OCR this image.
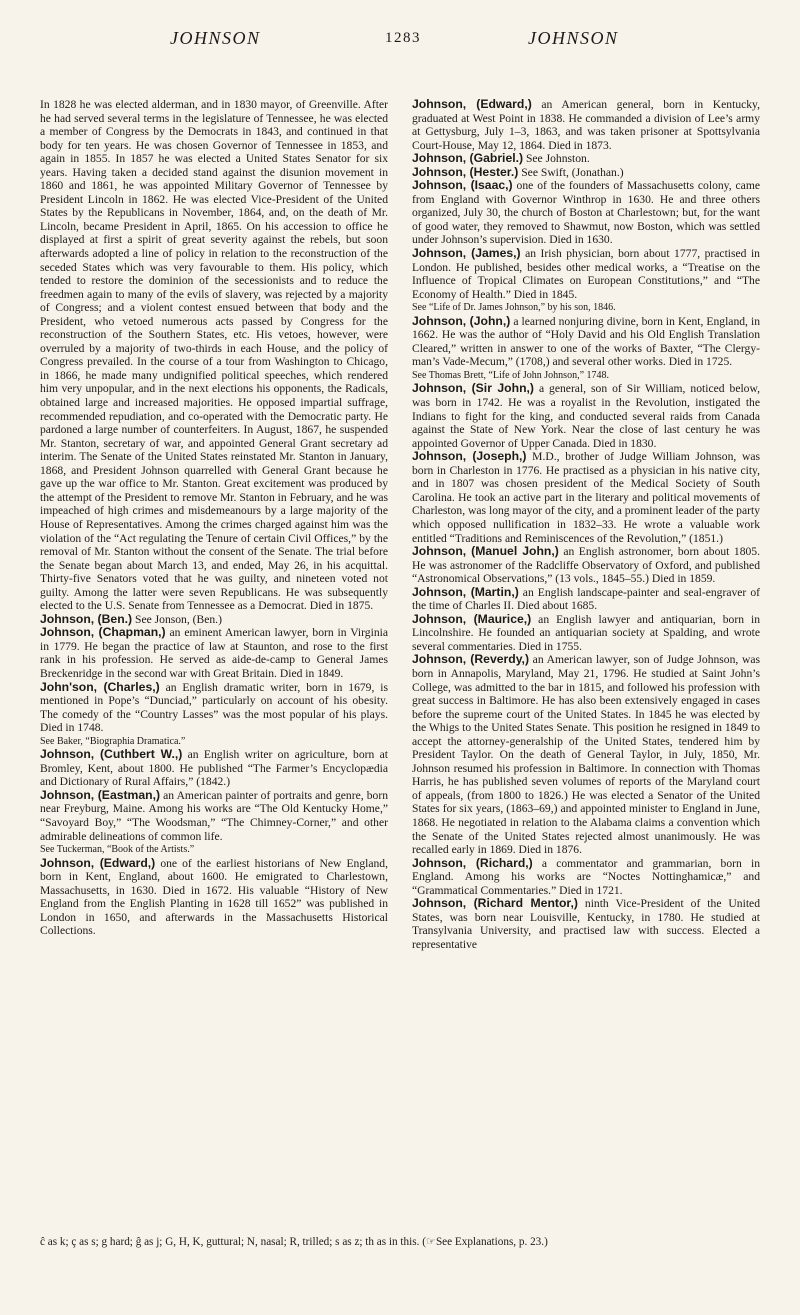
JOHNSON	1283	JOHNSON

In 1828 he was elected alderman, and in 1830 mayor, of Greenville. After he had served several terms in the legislature of Tennessee, he was elected a member of Congress by the Democrats in 1843, and continued in that body for ten years. He was chosen Governor of Tennessee in 1853, and again in 1855. In 1857 he was elected a United States Senator for six years. Having taken a decided stand against the disunion movement in 1860 and 1861, he was appointed Military Governor of Tennessee by President Lincoln in 1862. He was elected Vice-President of the United States by the Republicans in November, 1864, and, on the death of Mr. Lincoln, became President in April, 1865. On his accession to office he displayed at first a spirit of great severity against the rebels, but soon afterwards adopted a line of policy in relation to the reconstruction of the seceded States which was very favourable to them. His policy, which tended to restore the dominion of the secessionists and to reduce the freedmen again to many of the evils of slavery, was rejected by a majority of Congress; and a violent contest ensued between that body and the President, who vetoed numerous acts passed by Congress for the reconstruction of the Southern States, etc. His vetoes, however, were overruled by a majority of two-thirds in each House, and the policy of Congress prevailed. In the course of a tour from Washington to Chicago, in 1866, he made many undignified political speeches, which rendered him very unpopular, and in the next elections his opponents, the Radicals, obtained large and increased majorities. He opposed impartial suffrage, recommended repudiation, and co-operated with the Democratic party. He pardoned a large number of counterfeiters. In August, 1867, he suspended Mr. Stanton, secretary of war, and appointed General Grant secretary ad interim. The Senate of the United States reinstated Mr. Stanton in January, 1868, and President Johnson quarrelled with General Grant because he gave up the war office to Mr. Stanton. Great excitement was produced by the attempt of the President to remove Mr. Stanton in February, and he was impeached of high crimes and misdemeanours by a large majority of the House of Representatives. Among the crimes charged against him was the violation of the “Act regulating the Tenure of certain Civil Offices,” by the removal of Mr. Stanton without the consent of the Senate. The trial before the Senate began about March 13, and ended, May 26, in his acquittal. Thirty-five Senators voted that he was guilty, and nineteen voted not guilty. Among the latter were seven Republicans. He was subsequently elected to the U.S. Senate from Tennessee as a Democrat. Died in 1875.

Johnson, (Ben.) See Jonson, (Ben.)

Johnson, (Chapman,) an eminent American lawyer, born in Virginia in 1779. He began the practice of law at Staunton, and rose to the first rank in his profession. He served as aide-de-camp to General James Breckenridge in the second war with Great Britain. Died in 1849.

John'son, (Charles,) an English dramatic writer, born in 1679, is mentioned in Pope’s “Dunciad,” particularly on account of his obesity. The comedy of the “Country Lasses” was the most popular of his plays. Died in 1748.

See Baker, “Biographia Dramatica.”

Johnson, (Cuthbert W.,) an English writer on agriculture, born at Bromley, Kent, about 1800. He published “The Farmer’s Encyclopædia and Dictionary of Rural Affairs,” (1842.)

Johnson, (Eastman,) an American painter of portraits and genre, born near Freyburg, Maine. Among his works are “The Old Kentucky Home,” “Savoyard Boy,” “The Woodsman,” “The Chimney-Corner,” and other admirable delineations of common life.

See Tuckerman, “Book of the Artists.”

Johnson, (Edward,) one of the earliest historians of New England, born in Kent, England, about 1600. He emigrated to Charlestown, Massachusetts, in 1630. Died in 1672. His valuable “History of New England from the English Planting in 1628 till 1652” was published in London in 1650, and afterwards in the Massachusetts Historical Collections.

Johnson, (Edward,) an American general, born in Kentucky, graduated at West Point in 1838. He commanded a division of Lee’s army at Gettysburg, July 1–3, 1863, and was taken prisoner at Spottsylvania Court-House, May 12, 1864. Died in 1873.

Johnson, (Gabriel.) See Johnston.

Johnson, (Hester.) See Swift, (Jonathan.)

Johnson, (Isaac,) one of the founders of Massachusetts colony, came from England with Governor Winthrop in 1630. He and three others organized, July 30, the church of Boston at Charlestown; but, for the want of good water, they removed to Shawmut, now Boston, which was settled under Johnson’s supervision. Died in 1630.

Johnson, (James,) an Irish physician, born about 1777, practised in London. He published, besides other medical works, a “Treatise on the Influence of Tropical Climates on European Constitutions,” and “The Economy of Health.” Died in 1845.

See “Life of Dr. James Johnson,” by his son, 1846.

Johnson, (John,) a learned nonjuring divine, born in Kent, England, in 1662. He was the author of “Holy David and his Old English Translation Cleared,” written in answer to one of the works of Baxter, “The Clergy-man’s Vade-Mecum,” (1708,) and several other works. Died in 1725.

See Thomas Brett, “Life of John Johnson,” 1748.

Johnson, (Sir John,) a general, son of Sir William, noticed below, was born in 1742. He was a royalist in the Revolution, instigated the Indians to fight for the king, and conducted several raids from Canada against the State of New York. Near the close of last century he was appointed Governor of Upper Canada. Died in 1830.

Johnson, (Joseph,) M.D., brother of Judge William Johnson, was born in Charleston in 1776. He practised as a physician in his native city, and in 1807 was chosen president of the Medical Society of South Carolina. He took an active part in the literary and political movements of Charleston, was long mayor of the city, and a prominent leader of the party which opposed nullification in 1832–33. He wrote a valuable work entitled “Traditions and Reminiscences of the Revolution,” (1851.)

Johnson, (Manuel John,) an English astronomer, born about 1805. He was astronomer of the Radcliffe Observatory of Oxford, and published “Astronomical Observations,” (13 vols., 1845–55.) Died in 1859.

Johnson, (Martin,) an English landscape-painter and seal-engraver of the time of Charles II. Died about 1685.

Johnson, (Maurice,) an English lawyer and antiquarian, born in Lincolnshire. He founded an antiquarian society at Spalding, and wrote several commentaries. Died in 1755.

Johnson, (Reverdy,) an American lawyer, son of Judge Johnson, was born in Annapolis, Maryland, May 21, 1796. He studied at Saint John’s College, was admitted to the bar in 1815, and followed his profession with great success in Baltimore. He has also been extensively engaged in cases before the supreme court of the United States. In 1845 he was elected by the Whigs to the United States Senate. This position he resigned in 1849 to accept the attorney-generalship of the United States, tendered him by President Taylor. On the death of General Taylor, in July, 1850, Mr. Johnson resumed his profession in Baltimore. In connection with Thomas Harris, he has published seven volumes of reports of the Maryland court of appeals, (from 1800 to 1826.) He was elected a Senator of the United States for six years, (1863–69,) and appointed minister to England in June, 1868. He negotiated in relation to the Alabama claims a convention which the Senate of the United States rejected almost unanimously. He was recalled early in 1869. Died in 1876.

Johnson, (Richard,) a commentator and grammarian, born in England. Among his works are “Noctes Nottinghamicæ,” and “Grammatical Commentaries.” Died in 1721.

Johnson, (Richard Mentor,) ninth Vice-President of the United States, was born near Louisville, Kentucky, in 1780. He studied at Transylvania University, and practised law with success. Elected a representative

ĉ as k; ç as s; g hard; ĝ as j; G, H, K, guttural; N, nasal; R, trilled; s as z; th as in this. (☞See Explanations, p. 23.)
